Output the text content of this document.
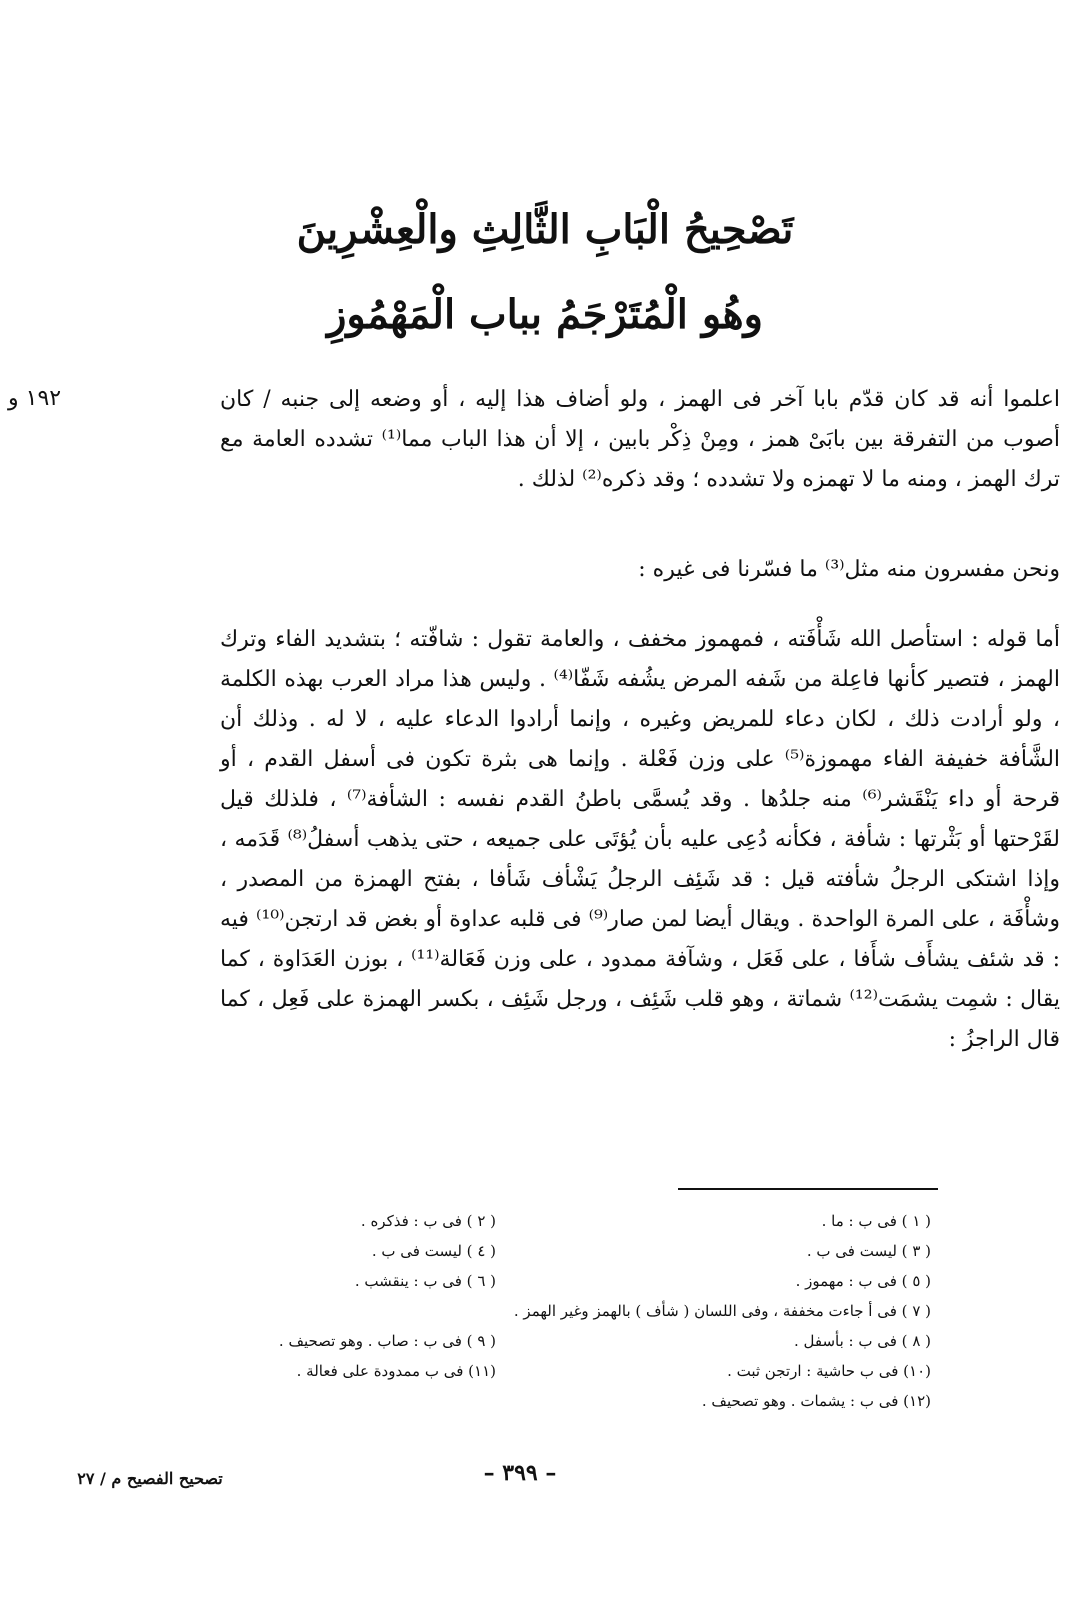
تَصْحِيحُ الْبَابِ الثَّالِثِ والْعِشْرِينَ
وهُو الْمُتَرْجَمُ بباب الْمَهْمُوزِ
١٩٢ و	اعلموا أنه قد كان قدّم بابا آخر فى الهمز ، ولو أضاف هذا إليه ، أو وضعه إلى جنبه / كان أصوب من التفرقة بين بابَىْ همز ، ومِنْ ذِكْر بابين ، إلا أن هذا الباب مما⁽¹⁾ تشدده العامة مع ترك الهمز ، ومنه ما لا تهمزه ولا تشدده ؛ وقد ذكره⁽²⁾ لذلك .

ونحن مفسرون منه مثل⁽³⁾ ما فسّرنا فى غيره :

أما قوله : استأصل الله شَأْفَته ، فمهموز مخفف ، والعامة تقول : شافّته ؛ بتشديد الفاء وترك الهمز ، فتصير كأنها فاعِلة من شَفه المرض يشُفه شَفّا⁽⁴⁾ . وليس هذا مراد العرب بهذه الكلمة ، ولو أرادت ذلك ، لكان دعاء للمريض وغيره ، وإنما أرادوا الدعاء عليه ، لا له . وذلك أن الشَّأفة خفيفة الفاء مهموزة⁽⁵⁾ على وزن فَعْلة . وإنما هى بثرة تكون فى أسفل القدم ، أو قرحة أو داء يَنْقَشر⁽⁶⁾ منه جلدُها . وقد يُسمَّى باطنُ القدم نفسه : الشأفة⁽⁷⁾ ، فلذلك قيل لقَرْحتها أو بَثْرتها : شأفة ، فكأنه دُعِى عليه بأن يُؤتَى على جميعه ، حتى يذهب أسفلُ⁽⁸⁾ قَدَمه ، وإذا اشتكى الرجلُ شأفته قيل : قد شَئِف الرجلُ يَشْأف شَأفا ، بفتح الهمزة من المصدر ، وشأْفَة ، على المرة الواحدة . ويقال أيضا لمن صار⁽⁹⁾ فى قلبه عداوة أو بغض قد ارتجن⁽¹⁰⁾ فيه : قد شئف يشأَف شأَفا ، على فَعَل ، وشآفة ممدود ، على وزن فَعَالة⁽¹¹⁾ ، بوزن العَدَاوة ، كما يقال : شمِت يشمَت⁽¹²⁾ شماتة ، وهو قلب شَئِف ، ورجل شَئِف ، بكسر الهمزة على فَعِل ، كما قال الراجزُ :

( ١ ) فى ب : ما .
( ٢ ) فى ب : فذكره .
( ٣ ) ليست فى ب .
( ٤ ) ليست فى ب .
( ٥ ) فى ب : مهموز .
( ٦ ) فى ب : ينقشب .
( ٧ ) فى أ جاءت مخففة ، وفى اللسان ( شأف ) بالهمز وغير الهمز .
( ٨ ) فى ب : بأسفل .
( ٩ ) فى ب : صاب . وهو تصحيف .
(١٠) فى ب حاشية : ارتجن ثبت .
(١١) فى ب ممدودة على فعالة .
(١٢) فى ب : يشمات . وهو تصحيف .
– ٣٩٩ –
تصحيح الفصيح م / ٢٧
